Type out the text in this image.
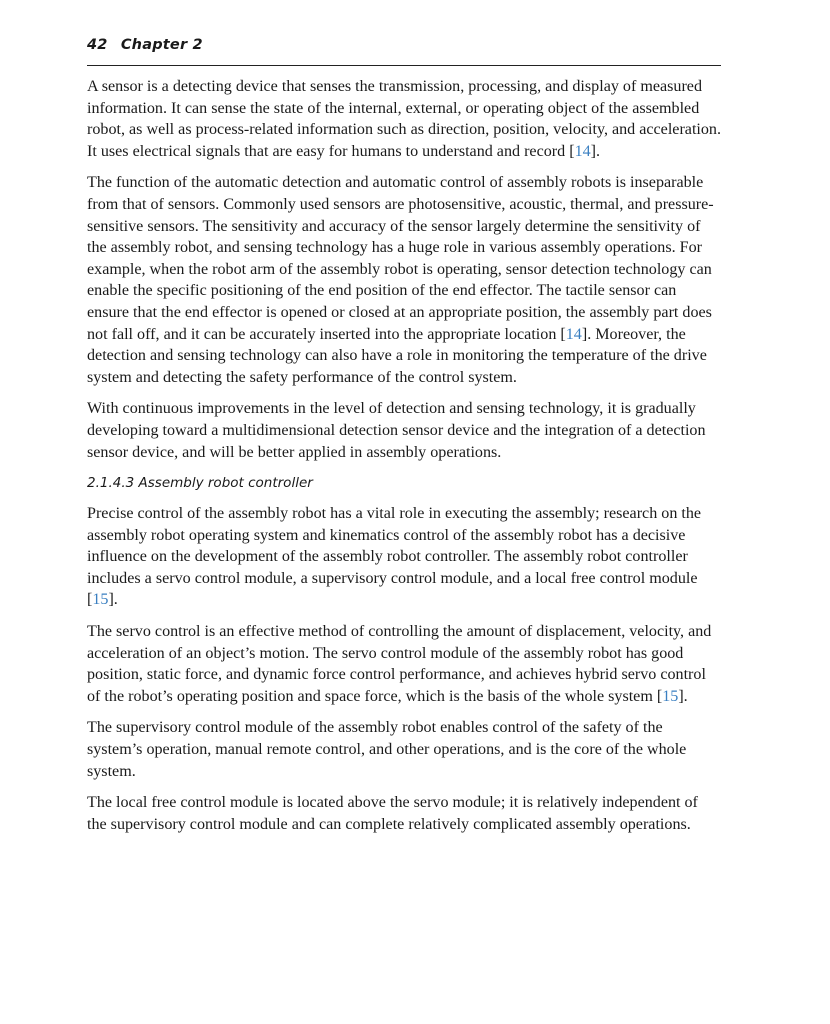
42 Chapter 2

A sensor is a detecting device that senses the transmission, processing, and display of measured information. It can sense the state of the internal, external, or operating object of the assembled robot, as well as process-related information such as direction, position, velocity, and acceleration. It uses electrical signals that are easy for humans to understand and record [14].

The function of the automatic detection and automatic control of assembly robots is inseparable from that of sensors. Commonly used sensors are photosensitive, acoustic, thermal, and pressure-sensitive sensors. The sensitivity and accuracy of the sensor largely determine the sensitivity of the assembly robot, and sensing technology has a huge role in various assembly operations. For example, when the robot arm of the assembly robot is operating, sensor detection technology can enable the specific positioning of the end position of the end effector. The tactile sensor can ensure that the end effector is opened or closed at an appropriate position, the assembly part does not fall off, and it can be accurately inserted into the appropriate location [14]. Moreover, the detection and sensing technology can also have a role in monitoring the temperature of the drive system and detecting the safety performance of the control system.

With continuous improvements in the level of detection and sensing technology, it is gradually developing toward a multidimensional detection sensor device and the integration of a detection sensor device, and will be better applied in assembly operations.

2.1.4.3 Assembly robot controller

Precise control of the assembly robot has a vital role in executing the assembly; research on the assembly robot operating system and kinematics control of the assembly robot has a decisive influence on the development of the assembly robot controller. The assembly robot controller includes a servo control module, a supervisory control module, and a local free control module [15].

The servo control is an effective method of controlling the amount of displacement, velocity, and acceleration of an object’s motion. The servo control module of the assembly robot has good position, static force, and dynamic force control performance, and achieves hybrid servo control of the robot’s operating position and space force, which is the basis of the whole system [15].

The supervisory control module of the assembly robot enables control of the safety of the system’s operation, manual remote control, and other operations, and is the core of the whole system.

The local free control module is located above the servo module; it is relatively independent of the supervisory control module and can complete relatively complicated assembly operations.
